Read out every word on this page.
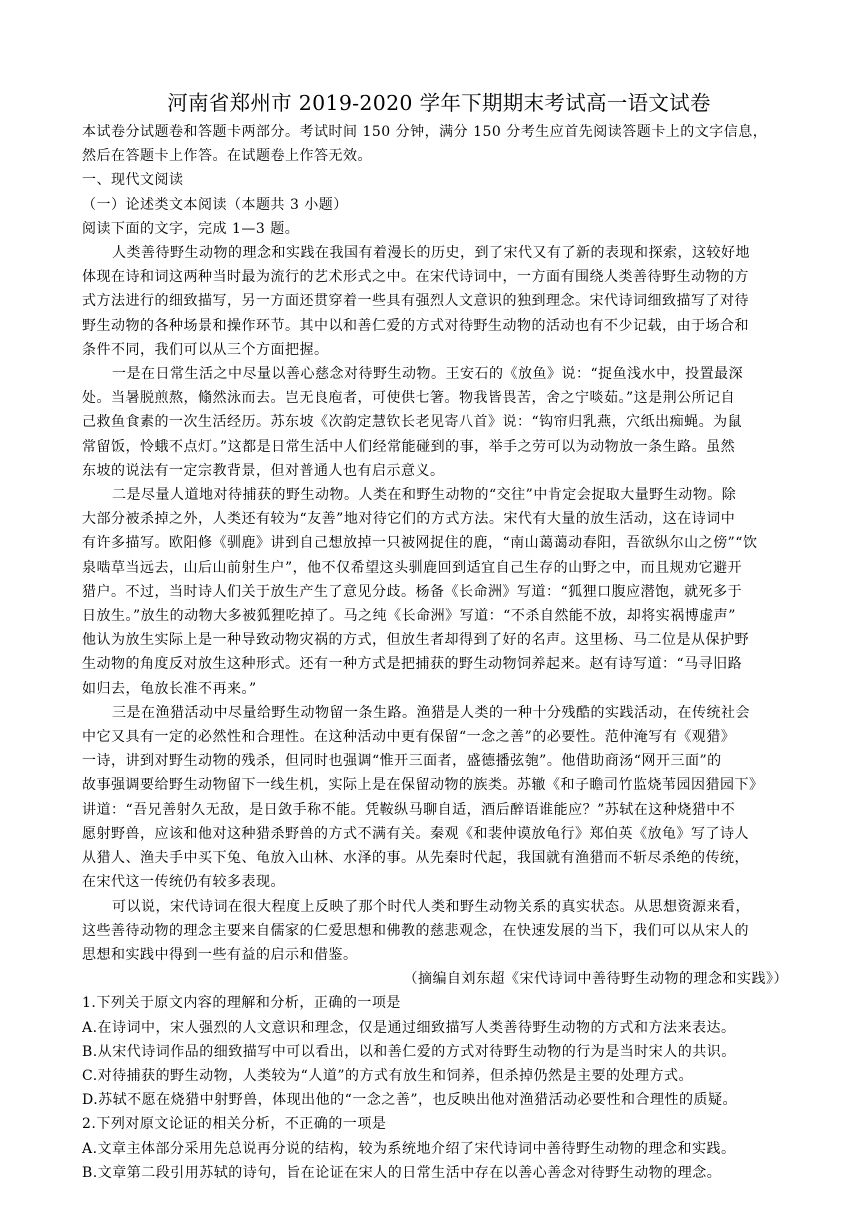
河南省郑州市 2019-2020 学年下期期末考试高一语文试卷
本试卷分试题卷和答题卡两部分。考试时间 150 分钟，满分 150 分考生应首先阅读答题卡上的文字信息，
然后在答题卡上作答。在试题卷上作答无效。
一、现代文阅读
（一）论述类文本阅读（本题共 3 小题）
阅读下面的文字，完成 1—3 题。
人类善待野生动物的理念和实践在我国有着漫长的历史，到了宋代又有了新的表现和探索，这较好地
体现在诗和词这两种当时最为流行的艺术形式之中。在宋代诗词中，一方面有围绕人类善待野生动物的方
式方法进行的细致描写，另一方面还贯穿着一些具有强烈人文意识的独到理念。宋代诗词细致描写了对待
野生动物的各种场景和操作环节。其中以和善仁爱的方式对待野生动物的活动也有不少记载，由于场合和
条件不同，我们可以从三个方面把握。
一是在日常生活之中尽量以善心慈念对待野生动物。王安石的《放鱼》说：“捉鱼浅水中，投置最深
处。当暑脱煎熬，翛然泳而去。岂无良庖者，可使供七箸。物我皆畏苦，舍之宁啖茹。”这是荆公所记自
己救鱼食素的一次生活经历。苏东坡《次韵定慧钦长老见寄八首》说：“钩帘归乳燕，穴纸出痴蝇。为鼠
常留饭，怜蛾不点灯。”这都是日常生活中人们经常能碰到的事，举手之劳可以为动物放一条生路。虽然
东坡的说法有一定宗教背景，但对普通人也有启示意义。
二是尽量人道地对待捕获的野生动物。人类在和野生动物的“交往”中肯定会捉取大量野生动物。除
大部分被杀掉之外，人类还有较为“友善”地对待它们的方式方法。宋代有大量的放生活动，这在诗词中
有许多描写。欧阳修《驯鹿》讲到自己想放掉一只被网捉住的鹿，“南山蔼蔼动春阳，吾欲纵尔山之傍”“饮
泉啮草当远去，山后山前射生户”，他不仅希望这头驯鹿回到适宜自己生存的山野之中，而且规劝它避开
猎户。不过，当时诗人们关于放生产生了意见分歧。杨备《长命洲》写道：“狐狸口腹应潜饱，就死多于
日放生。”放生的动物大多被狐狸吃掉了。马之纯《长命洲》写道：“不杀自然能不放，却将实祸博虚声”
他认为放生实际上是一种导致动物灾祸的方式，但放生者却得到了好的名声。这里杨、马二位是从保护野
生动物的角度反对放生这种形式。还有一种方式是把捕获的野生动物饲养起来。赵有诗写道：“马寻旧路
如归去，龟放长准不再来。”
三是在渔猎活动中尽量给野生动物留一条生路。渔猎是人类的一种十分残酷的实践活动，在传统社会
中它又具有一定的必然性和合理性。在这种活动中更有保留“一念之善”的必要性。范仲淹写有《观猎》
一诗，讲到对野生动物的残杀，但同时也强调“惟开三面者，盛德播弦匏”。他借助商汤“网开三面”的
故事强调要给野生动物留下一线生机，实际上是在保留动物的族类。苏辙《和子瞻司竹监烧苇园因猎园下》
讲道：“吾兄善射久无敌，是日敛手称不能。凭鞍纵马聊自适，酒后醉语谁能应？”苏轼在这种烧猎中不
愿射野兽，应该和他对这种猎杀野兽的方式不满有关。秦观《和裴仲谟放龟行》郑伯英《放龟》写了诗人
从猎人、渔夫手中买下兔、龟放入山林、水泽的事。从先秦时代起，我国就有渔猎而不斩尽杀绝的传统，
在宋代这一传统仍有较多表现。
可以说，宋代诗词在很大程度上反映了那个时代人类和野生动物关系的真实状态。从思想资源来看，
这些善待动物的理念主要来自儒家的仁爱思想和佛教的慈悲观念，在快速发展的当下，我们可以从宋人的
思想和实践中得到一些有益的启示和借鉴。
（摘编自刘东超《宋代诗词中善待野生动物的理念和实践》）
1.下列关于原文内容的理解和分析，正确的一项是
A.在诗词中，宋人强烈的人文意识和理念，仅是通过细致描写人类善待野生动物的方式和方法来表达。
B.从宋代诗词作品的细致描写中可以看出，以和善仁爱的方式对待野生动物的行为是当时宋人的共识。
C.对待捕获的野生动物，人类较为“人道”的方式有放生和饲养，但杀掉仍然是主要的处理方式。
D.苏轼不愿在烧猎中射野兽，体现出他的“一念之善”，也反映出他对渔猎活动必要性和合理性的质疑。
2.下列对原文论证的相关分析，不正确的一项是
A.文章主体部分采用先总说再分说的结构，较为系统地介绍了宋代诗词中善待野生动物的理念和实践。
B.文章第二段引用苏轼的诗句，旨在论证在宋人的日常生活中存在以善心善念对待野生动物的理念。
